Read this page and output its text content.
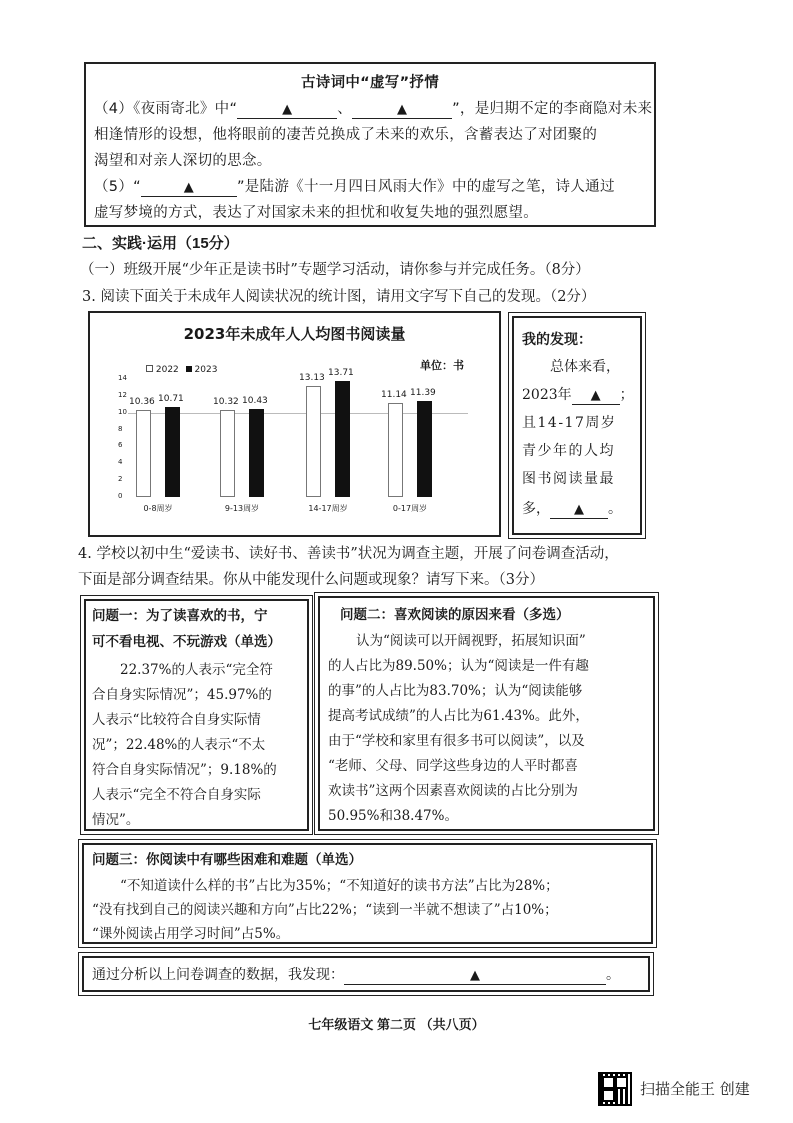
古诗词中“虚写”抒情
（4）《夜雨寄北》中“	▲	、	▲	”，是归期不定的李商隐对未来
相逢情形的设想，他将眼前的凄苦兑换成了未来的欢乐，含蓄表达了对团聚的
渴望和对亲人深切的思念。
（5）“	▲	”是陆游《十一月四日风雨大作》中的虚写之笔，诗人通过
虚写梦境的方式，表达了对国家未来的担忧和收复失地的强烈愿望。
二、实践·运用（15分）
（一）班级开展“少年正是读书时”专题学习活动，请你参与并完成任务。（8分）
3. 阅读下面关于未成年人阅读状况的统计图，请用文字写下自己的发现。（2分）
2023年未成年人人均图书阅读量
2022 2023	单位：书
14
12
10
8
6
4
2
0
10.36 10.71
0-8周岁
10.32 10.43
9-13周岁
13.13 13.71
14-17周岁
11.14 11.39
0-17周岁
我的发现：
总体来看，
2023年 ▲ ；
且14-17周岁
青少年的人均
图书阅读量最
多， ▲ 。
4. 学校以初中生“爱读书、读好书、善读书”状况为调查主题，开展了问卷调查活动，
下面是部分调查结果。你从中能发现什么问题或现象？请写下来。（3分）
问题一：为了读喜欢的书，宁
可不看电视、不玩游戏（单选）
22.37%的人表示“完全符
合自身实际情况”；45.97%的
人表示“比较符合自身实际情
况”；22.48%的人表示“不太
符合自身实际情况”；9.18%的
人表示“完全不符合自身实际
情况”。
问题二：喜欢阅读的原因来看（多选）
认为“阅读可以开阔视野，拓展知识面”
的人占比为89.50%；认为“阅读是一件有趣
的事”的人占比为83.70%；认为“阅读能够
提高考试成绩”的人占比为61.43%。此外，
由于“学校和家里有很多书可以阅读”，以及
“老师、父母、同学这些身边的人平时都喜
欢读书”这两个因素喜欢阅读的占比分别为
50.95%和38.47%。
问题三：你阅读中有哪些困难和难题（单选）
“不知道读什么样的书”占比为35%；“不知道好的读书方法”占比为28%；
“没有找到自己的阅读兴趣和方向”占比22%；“读到一半就不想读了”占10%；
“课外阅读占用学习时间”占5%。
通过分析以上问卷调查的数据，我发现：	▲	。
七年级语文 第二页 （共八页）
扫描全能王 创建
